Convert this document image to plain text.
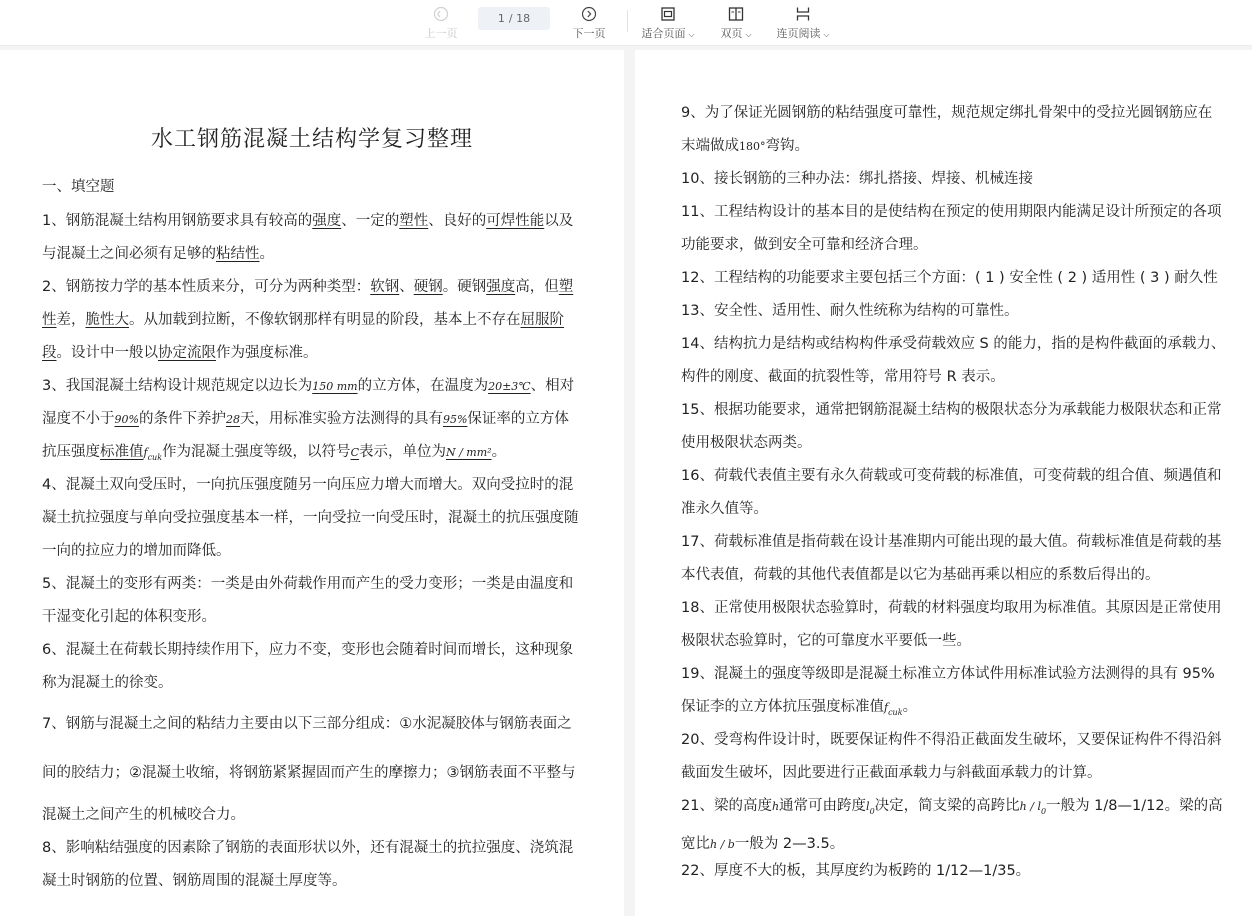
上一页
1 / 18
下一页	适合页面 ⌵ 双页 ⌵ 连页阅读 ⌵
水工钢筋混凝土结构学复习整理
一、填空题
1、钢筋混凝土结构用钢筋要求具有较高的强度、一定的塑性、良好的可焊性能以及与混凝土之间必须有足够的粘结性。
2、钢筋按力学的基本性质来分，可分为两种类型：软钢、硬钢。硬钢强度高，但塑性差，脆性大。从加载到拉断，不像软钢那样有明显的阶段，基本上不存在屈服阶段。设计中一般以协定流限作为强度标准。
3、我国混凝土结构设计规范规定以边长为150 mm的立方体，在温度为20±3℃、相对湿度不小于90%的条件下养护28天，用标准实验方法测得的具有95%保证率的立方体抗压强度标准值$f_{cuk}$作为混凝土强度等级，以符号C表示，单位为N / mm²。
4、混凝土双向受压时，一向抗压强度随另一向压应力增大而增大。双向受拉时的混凝土抗拉强度与单向受拉强度基本一样，一向受拉一向受压时，混凝土的抗压强度随一向的拉应力的增加而降低。
5、混凝土的变形有两类：一类是由外荷载作用而产生的受力变形；一类是由温度和干湿变化引起的体积变形。
6、混凝土在荷载长期持续作用下，应力不变，变形也会随着时间而增长，这种现象称为混凝土的徐变。
7、钢筋与混凝土之间的粘结力主要由以下三部分组成：①水泥凝胶体与钢筋表面之
间的胶结力；②混凝土收缩，将钢筋紧紧握固而产生的摩擦力；③钢筋表面不平整与
混凝土之间产生的机械咬合力。
8、影响粘结强度的因素除了钢筋的表面形状以外，还有混凝土的抗拉强度、浇筑混凝土时钢筋的位置、钢筋周围的混凝土厚度等。
9、为了保证光圆钢筋的粘结强度可靠性，规范规定绑扎骨架中的受拉光圆钢筋应在末端做成180°弯钩。
10、接长钢筋的三种办法：绑扎搭接、焊接、机械连接
11、工程结构设计的基本目的是使结构在预定的使用期限内能满足设计所预定的各项功能要求，做到安全可靠和经济合理。
12、工程结构的功能要求主要包括三个方面：( 1 ) 安全性 ( 2 ) 适用性 ( 3 ) 耐久性
13、安全性、适用性、耐久性统称为结构的可靠性。
14、结构抗力是结构或结构构件承受荷载效应 S 的能力，指的是构件截面的承载力、构件的刚度、截面的抗裂性等，常用符号 R 表示。
15、根据功能要求，通常把钢筋混凝土结构的极限状态分为承载能力极限状态和正常使用极限状态两类。
16、荷载代表值主要有永久荷载或可变荷载的标准值，可变荷载的组合值、频遇值和准永久值等。
17、荷载标准值是指荷载在设计基准期内可能出现的最大值。荷载标准值是荷载的基本代表值，荷载的其他代表值都是以它为基础再乘以相应的系数后得出的。
18、正常使用极限状态验算时，荷载的材料强度均取用为标准值。其原因是正常使用极限状态验算时，它的可靠度水平要低一些。
19、混凝土的强度等级即是混凝土标准立方体试件用标准试验方法测得的具有 95% 保证李的立方体抗压强度标准值$f_{cuk}$。
20、受弯构件设计时，既要保证构件不得沿正截面发生破坏，又要保证构件不得沿斜截面发生破坏，因此要进行正截面承载力与斜截面承载力的计算。
21、梁的高度h通常可由跨度$l_0$决定，简支梁的高跨比h / $l_0$一般为 1/8—1/12。梁的高宽比h / b一般为 2—3.5。
22、厚度不大的板，其厚度约为板跨的 1/12—1/35。
